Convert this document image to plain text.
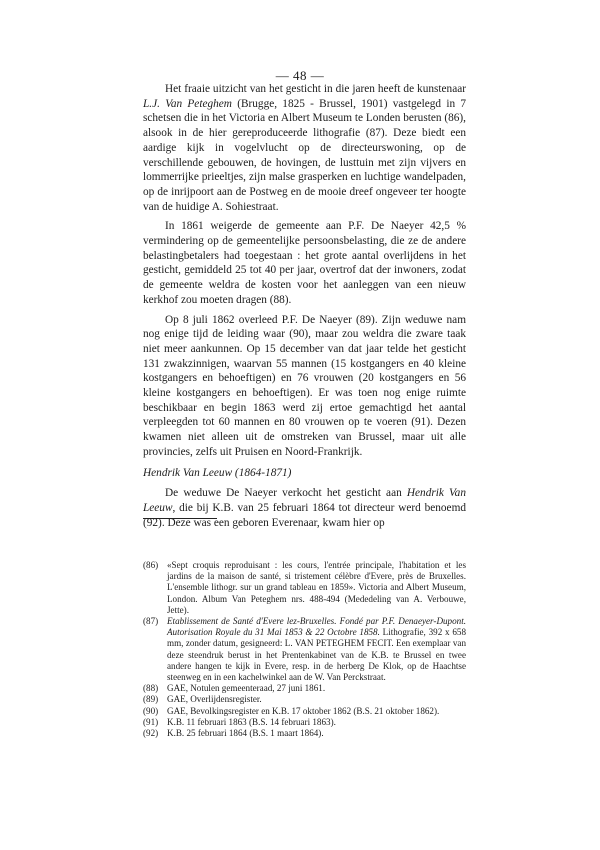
— 48 —

Het fraaie uitzicht van het gesticht in die jaren heeft de kunstenaar L.J. Van Peteghem (Brugge, 1825 - Brussel, 1901) vastgelegd in 7 schetsen die in het Victoria en Albert Museum te Londen berusten (86), alsook in de hier gereproduceerde lithografie (87). Deze biedt een aardige kijk in vogelvlucht op de directeurswoning, op de verschillende gebouwen, de hovingen, de lusttuin met zijn vijvers en lommerrijke prieeltjes, zijn malse grasperken en luchtige wandelpaden, op de inrijpoort aan de Postweg en de mooie dreef ongeveer ter hoogte van de huidige A. Sohiestraat.

In 1861 weigerde de gemeente aan P.F. De Naeyer 42,5 % vermindering op de gemeentelijke persoonsbelasting, die ze de andere belastingbetalers had toegestaan : het grote aantal overlijdens in het gesticht, gemiddeld 25 tot 40 per jaar, overtrof dat der inwoners, zodat de gemeente weldra de kosten voor het aanleggen van een nieuw kerkhof zou moeten dragen (88).

Op 8 juli 1862 overleed P.F. De Naeyer (89). Zijn weduwe nam nog enige tijd de leiding waar (90), maar zou weldra die zware taak niet meer aankunnen. Op 15 december van dat jaar telde het gesticht 131 zwakzinnigen, waarvan 55 mannen (15 kostgangers en 40 kleine kostgangers en behoeftigen) en 76 vrouwen (20 kostgangers en 56 kleine kostgangers en behoeftigen). Er was toen nog enige ruimte beschikbaar en begin 1863 werd zij ertoe gemachtigd het aantal verpleegden tot 60 mannen en 80 vrouwen op te voeren (91). Dezen kwamen niet alleen uit de omstreken van Brussel, maar uit alle provincies, zelfs uit Pruisen en Noord-Frankrijk.

Hendrik Van Leeuw (1864-1871)

De weduwe De Naeyer verkocht het gesticht aan Hendrik Van Leeuw, die bij K.B. van 25 februari 1864 tot directeur werd benoemd (92). Deze was een geboren Everenaar, kwam hier op

(86) «Sept croquis reproduisant : les cours, l'entrée principale, l'habitation et les jardins de la maison de santé, si tristement célèbre d'Evere, près de Bruxelles. L'ensemble lithogr. sur un grand tableau en 1859». Victoria and Albert Museum, London. Album Van Peteghem nrs. 488-494 (Mededeling van A. Verbouwe, Jette).
(87) Etablissement de Santé d'Evere lez-Bruxelles. Fondé par P.F. Denaeyer-Dupont. Autorisation Royale du 31 Mai 1853 & 22 Octobre 1858. Lithografie, 392 x 658 mm, zonder datum, gesigneerd: L. VAN PETEGHEM FECIT. Een exemplaar van deze steendruk berust in het Prentenkabinet van de K.B. te Brussel en twee andere hangen te kijk in Evere, resp. in de herberg De Klok, op de Haachtse steenweg en in een kachelwinkel aan de W. Van Perckstraat.
(88) GAE, Notulen gemeenteraad, 27 juni 1861.
(89) GAE, Overlijdensregister.
(90) GAE, Bevolkingsregister en K.B. 17 oktober 1862 (B.S. 21 oktober 1862).
(91) K.B. 11 februari 1863 (B.S. 14 februari 1863).
(92) K.B. 25 februari 1864 (B.S. 1 maart 1864).
